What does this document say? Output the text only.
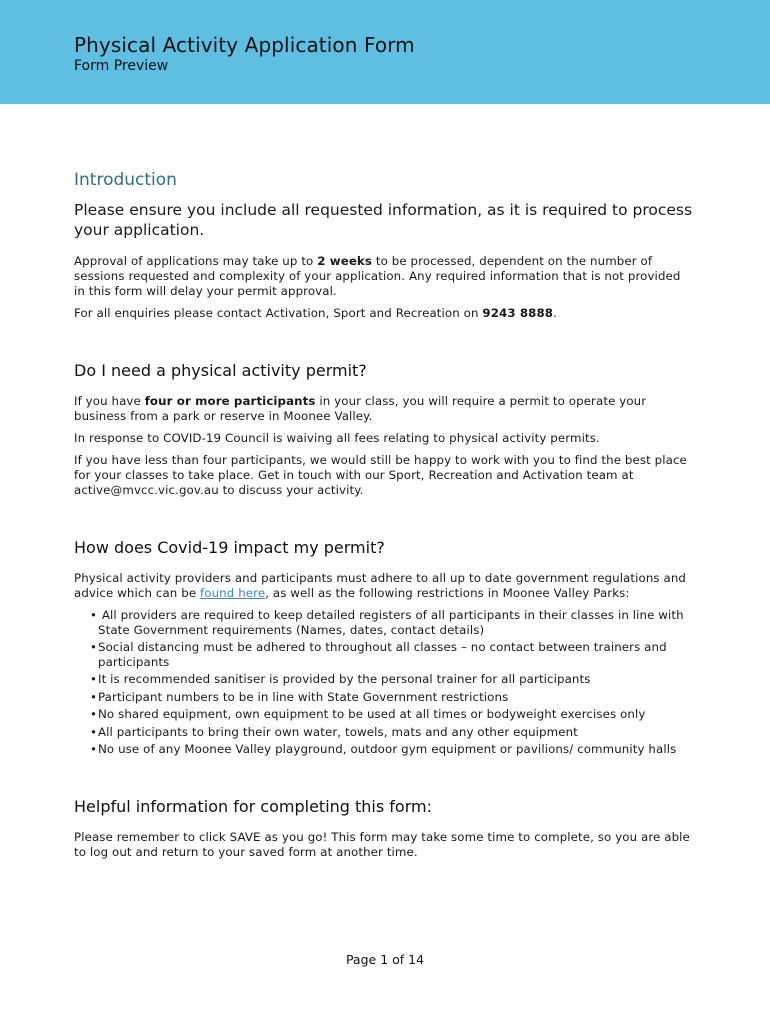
Physical Activity Application Form
Form Preview
Introduction
Please ensure you include all requested information, as it is required to process your application.

Approval of applications may take up to 2 weeks to be processed, dependent on the number of sessions requested and complexity of your application. Any required information that is not provided in this form will delay your permit approval.

For all enquiries please contact Activation, Sport and Recreation on 9243 8888.

Do I need a physical activity permit?

If you have four or more participants in your class, you will require a permit to operate your business from a park or reserve in Moonee Valley.

In response to COVID-19 Council is waiving all fees relating to physical activity permits.

If you have less than four participants, we would still be happy to work with you to find the best place for your classes to take place. Get in touch with our Sport, Recreation and Activation team at active@mvcc.vic.gov.au to discuss your activity.

How does Covid-19 impact my permit?

Physical activity providers and participants must adhere to all up to date government regulations and advice which can be found here, as well as the following restrictions in Moonee Valley Parks:

• All providers are required to keep detailed registers of all participants in their classes in line with State Government requirements (Names, dates, contact details)
•Social distancing must be adhered to throughout all classes – no contact between trainers and participants
•It is recommended sanitiser is provided by the personal trainer for all participants
•Participant numbers to be in line with State Government restrictions
•No shared equipment, own equipment to be used at all times or bodyweight exercises only
•All participants to bring their own water, towels, mats and any other equipment
•No use of any Moonee Valley playground, outdoor gym equipment or pavilions/ community halls
Helpful information for completing this form:

Please remember to click SAVE as you go! This form may take some time to complete, so you are able to log out and return to your saved form at another time.

Page 1 of 14
